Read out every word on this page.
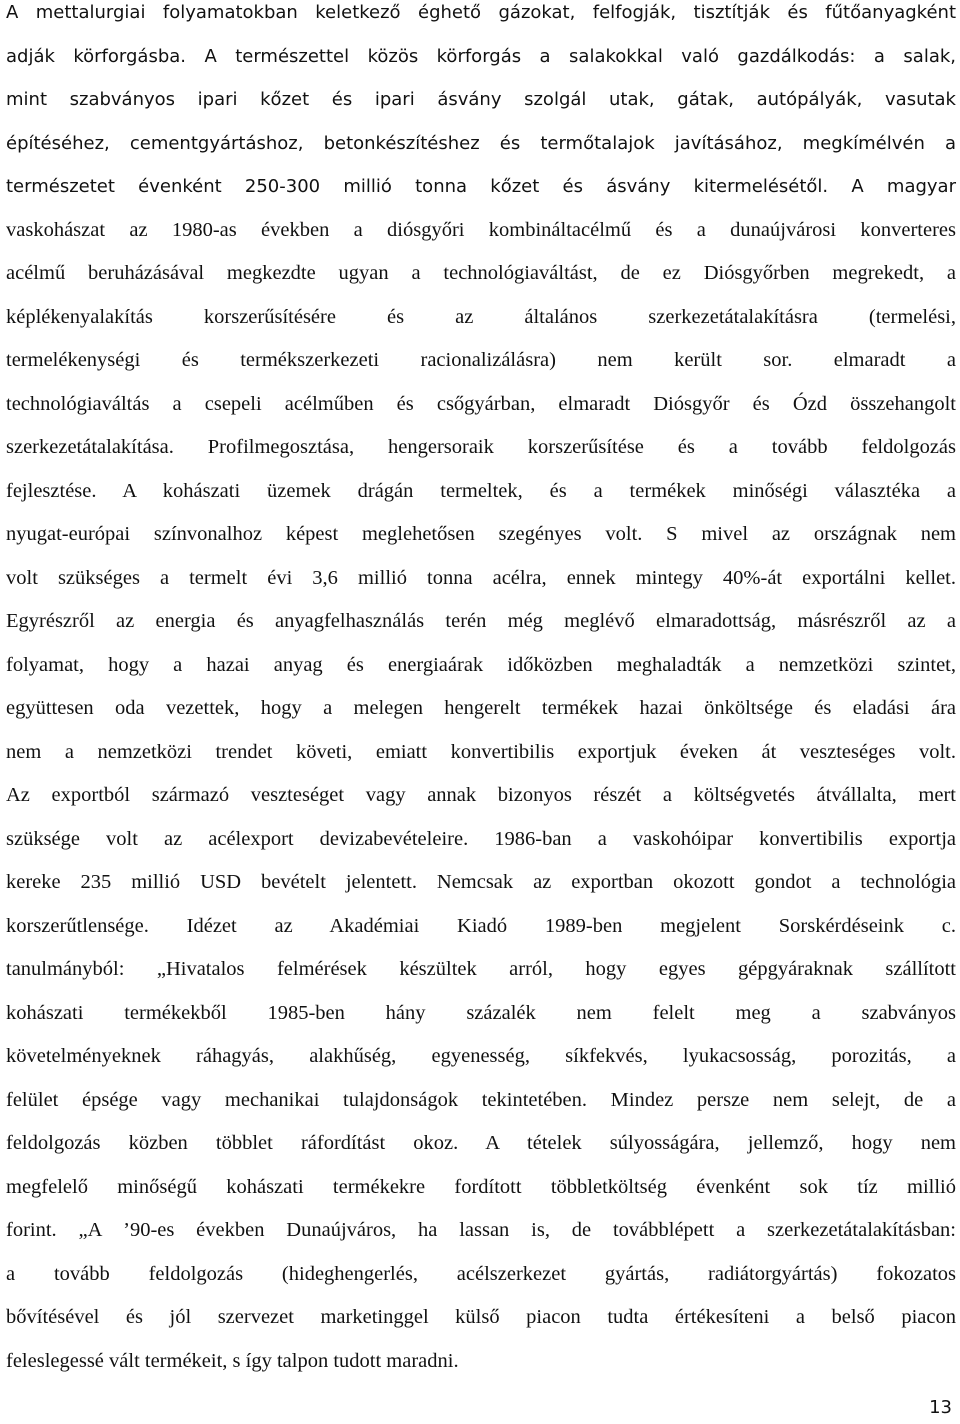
A mettalurgiai folyamatokban keletkező éghető gázokat, felfogják, tisztítják és fűtőanyagként
adják körforgásba. A természettel közös körforgás a salakokkal való gazdálkodás: a salak,
mint szabványos ipari kőzet és ipari ásvány szolgál utak, gátak, autópályák, vasutak
építéséhez, cementgyártáshoz, betonkészítéshez és termőtalajok javításához, megkímélvén a
természetet évenként 250-300 millió tonna kőzet és ásvány kitermelésétől. A magyar
vaskohászat az 1980-as években a diósgyőri kombináltacélmű és a dunaújvárosi konverteres
acélmű beruházásával megkezdte ugyan a technológiaváltást, de ez Diósgyőrben megrekedt, a
képlékenyalakítás korszerűsítésére és az általános szerkezetátalakításra (termelési,
termelékenységi és termékszerkezeti racionalizálásra) nem került sor. elmaradt a
technológiaváltás a csepeli acélműben és csőgyárban, elmaradt Diósgyőr és Ózd összehangolt
szerkezetátalakítása. Profilmegosztása, hengersoraik korszerűsítése és a tovább feldolgozás
fejlesztése. A kohászati üzemek drágán termeltek, és a termékek minőségi választéka a
nyugat-európai színvonalhoz képest meglehetősen szegényes volt. S mivel az országnak nem
volt szükséges a termelt évi 3,6 millió tonna acélra, ennek mintegy 40%-át exportálni kellet.
Egyrészről az energia és anyagfelhasználás terén még meglévő elmaradottság, másrészről az a
folyamat, hogy a hazai anyag és energiaárak időközben meghaladták a nemzetközi szintet,
együttesen oda vezettek, hogy a melegen hengerelt termékek hazai önköltsége és eladási ára
nem a nemzetközi trendet követi, emiatt konvertibilis exportjuk éveken át veszteséges volt.
Az exportból származó veszteséget vagy annak bizonyos részét a költségvetés átvállalta, mert
szüksége volt az acélexport devizabevételeire. 1986-ban a vaskohóipar konvertibilis exportja
kereke 235 millió USD bevételt jelentett. Nemcsak az exportban okozott gondot a technológia
korszerűtlensége. Idézet az Akadémiai Kiadó 1989-ben megjelent Sorskérdéseink c.
tanulmányból: „Hivatalos felmérések készültek arról, hogy egyes gépgyáraknak szállított
kohászati termékekből 1985-ben hány százalék nem felelt meg a szabványos
követelményeknek ráhagyás, alakhűség, egyenesség, síkfekvés, lyukacsosság, porozitás, a
felület épsége vagy mechanikai tulajdonságok tekintetében. Mindez persze nem selejt, de a
feldolgozás közben többlet ráfordítást okoz. A tételek súlyosságára, jellemző, hogy nem
megfelelő minőségű kohászati termékekre fordított többletköltség évenként sok tíz millió
forint. „A ’90-es években Dunaújváros, ha lassan is, de továbblépett a szerkezetátalakításban:
a tovább feldolgozás (hideghengerlés, acélszerkezet gyártás, radiátorgyártás) fokozatos
bővítésével és jól szervezet marketinggel külső piacon tudta értékesíteni a belső piacon
feleslegessé vált termékeit, s így talpon tudott maradni.
13
